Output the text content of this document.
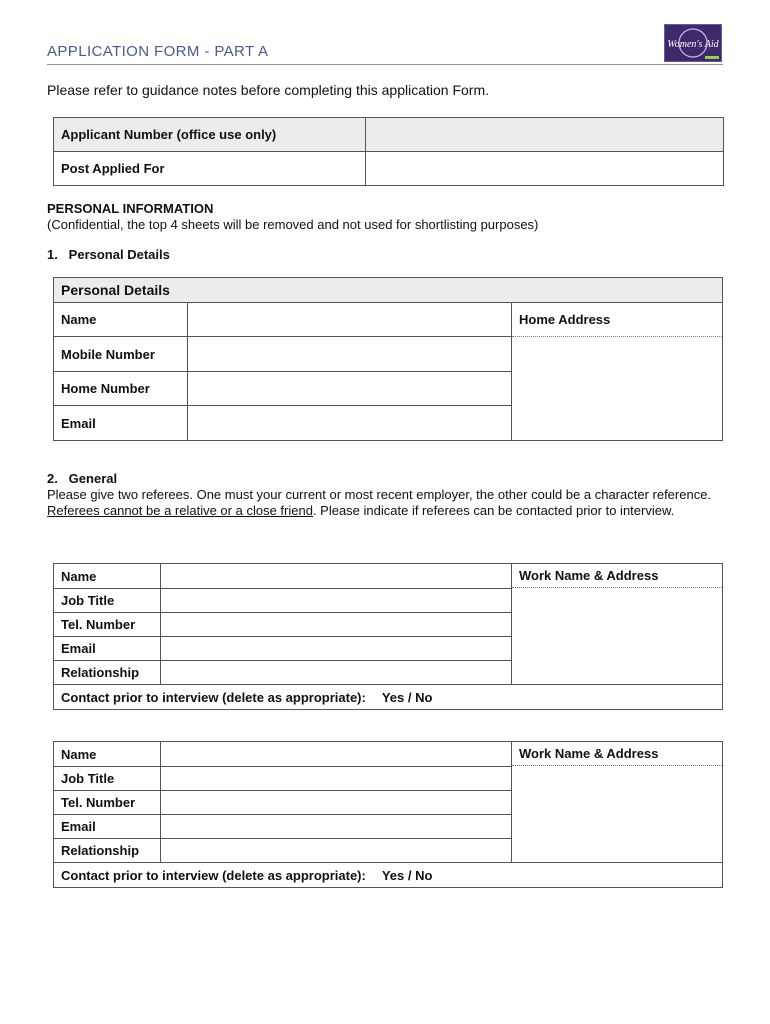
APPLICATION FORM - PART A	Women's Aid
Please refer to guidance notes before completing this application Form.
Applicant Number (office use only)	
Post Applied For	
PERSONAL INFORMATION
(Confidential, the top 4 sheets will be removed and not used for shortlisting purposes)
1.   Personal Details
Personal Details		
Name		Home Address

Mobile Number		
Home Number		
Email		
2.   General
Please give two referees. One must your current or most recent employer, the other could be a character reference. Referees cannot be a relative or a close friend. Please indicate if referees can be contacted prior to interview.
Name		Work Name & Address

Job Title		
Tel. Number		
Email		
Relationship		
Contact prior to interview (delete as appropriate): Yes / No		
Name		Work Name & Address

Job Title		
Tel. Number		
Email		
Relationship		
Contact prior to interview (delete as appropriate): Yes / No		
